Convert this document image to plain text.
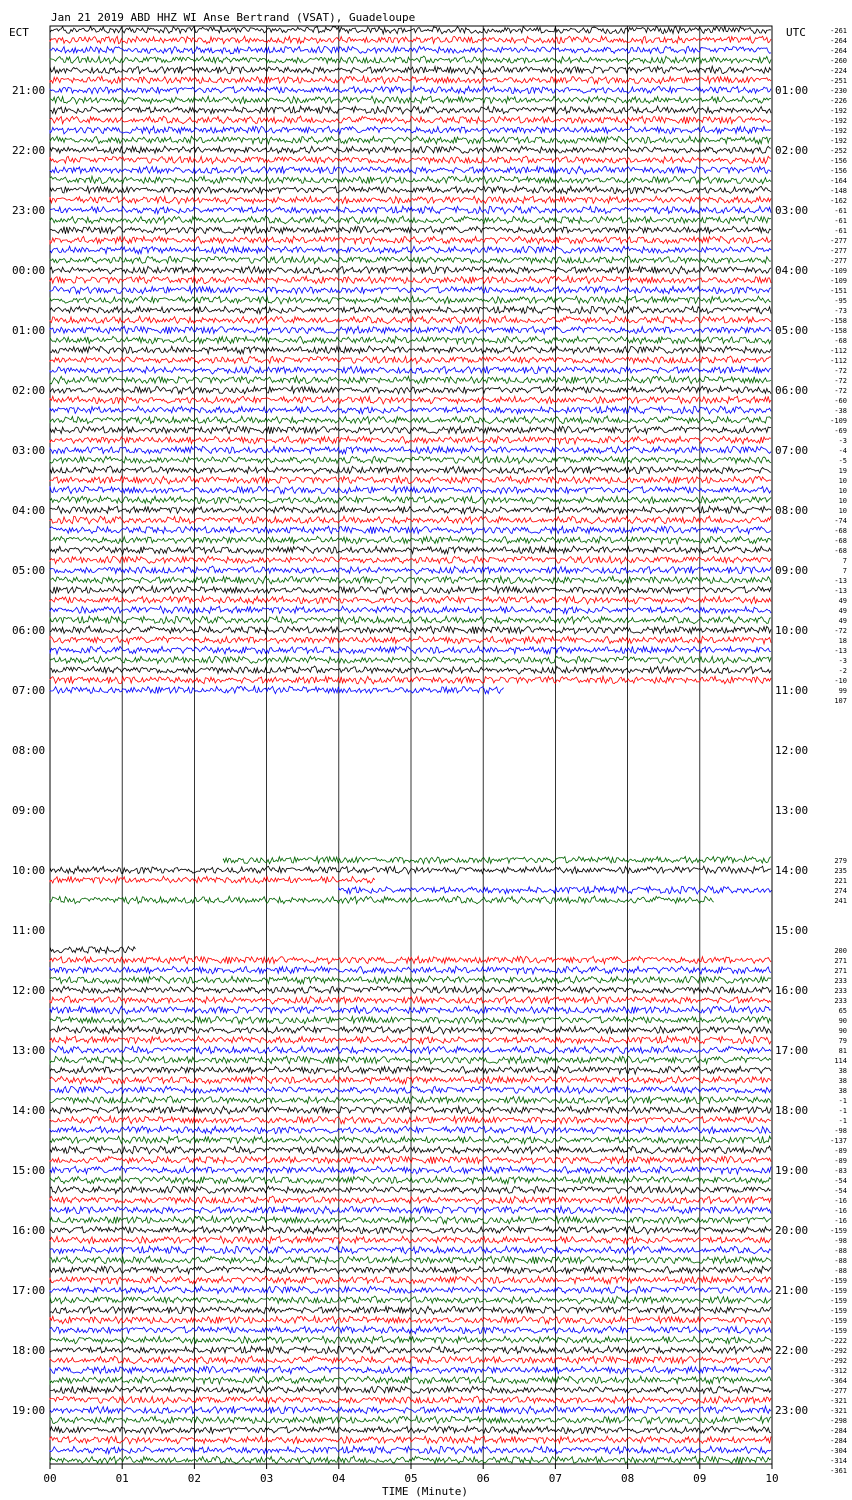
Jan 21 2019 ABD HHZ WI Anse Bertrand (VSAT), Guadeloupe
ECT	UTC
21:00
22:00
23:00
00:00
01:00
02:00
03:00
04:00
05:00
06:00
07:00
08:00
09:00
10:00
11:00
12:00
13:00
14:00
15:00
16:00
17:00
18:00
19:00
01:00
02:00
03:00
04:00
05:00
06:00
07:00
08:00
09:00
10:00
11:00
12:00
13:00
14:00
15:00
16:00
17:00
18:00
19:00
20:00
21:00
22:00
23:00
-261
-264
-264
-260
-224
-251
-230
-226
-192
-192
-192
-192
-252
-156
-156
-164
-148
-162
-61
-61
-61
-277
-277
-277
-109
-109
-151
-95
-73
-158
-158
-68
-112
-112
-72
-72
-72
-60
-38
-109
-69
-3
-4
-5
19
10
10
10
10
-74
-68
-68
-68
7
7
-13
-13
49
49
49
-72
18
-13
-3
-2
-10
99
107
279
235
221
274
241
200
271
271
233
233
233
65
90
90
79
81
114
38
38
38
-1
-1
-1
-98
-137
-89
-89
-83
-54
-54
-16
-16
-16
-159
-98
-88
-88
-88
-159
-159
-159
-159
-159
-159
-222
-292
-292
-312
-364
-277
-321
-321
-298
-284
-284
-304
-314
-361
00	01	02	03	04	05	06	07	08	09	10
TIME (Minute)
